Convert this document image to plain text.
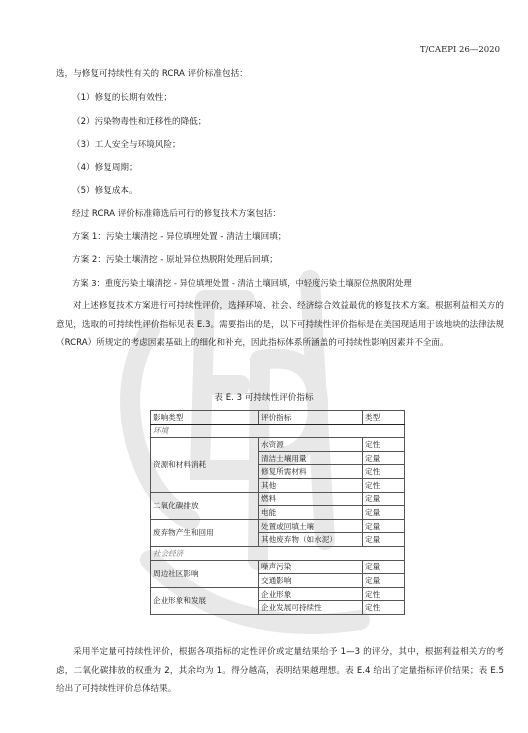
T/CAEPI 26—2020
选，与修复可持续性有关的 RCRA 评价标准包括：
（1）修复的长期有效性；
（2）污染物毒性和迁移性的降低；
（3）工人安全与环境风险；
（4）修复周期；
（5）修复成本。
经过 RCRA 评价标准筛选后可行的修复技术方案包括：
方案 1：污染土壤清挖 - 异位填埋处置 - 清洁土壤回填；
方案 2：污染土壤清挖 - 原址异位热脱附处理后回填；
方案 3：重度污染土壤清挖 - 异位填埋处置 - 清洁土壤回填，中轻度污染土壤原位热脱附处理
对上述修复技术方案进行可持续性评价，选择环境、社会、经济综合效益最优的修复技术方案。根据利益相关方的意见，选取的可持续性评价指标见表 E.3。需要指出的是，以下可持续性评价指标是在美国现适用于该地块的法律法规（RCRA）所规定的考虑因素基础上的细化和补充，因此指标体系所涵盖的可持续性影响因素并不全面。
表 E. 3 可持续性评价指标
影响类型	评价指标	类型
环境		
资源和材料消耗	水资源	定性
	清洁土壤用量	定量
	修复所需材料	定性
	其他	定性
二氧化碳排放	燃料	定量
	电能	定量
废弃物产生和回用	处置或回填土壤	定量
	其他废弃物（如水泥）	定量
社会经济		
周边社区影响	噪声污染	定量
	交通影响	定量
企业形象和发展	企业形象	定性
	企业发展可持续性	定性
采用半定量可持续性评价，根据各项指标的定性评价或定量结果给予 1—3 的评分，其中，根据利益相关方的考虑，二氧化碳排放的权重为 2，其余均为 1。得分越高，表明结果越理想。表 E.4 给出了定量指标评价结果；表 E.5 给出了可持续性评价总体结果。
